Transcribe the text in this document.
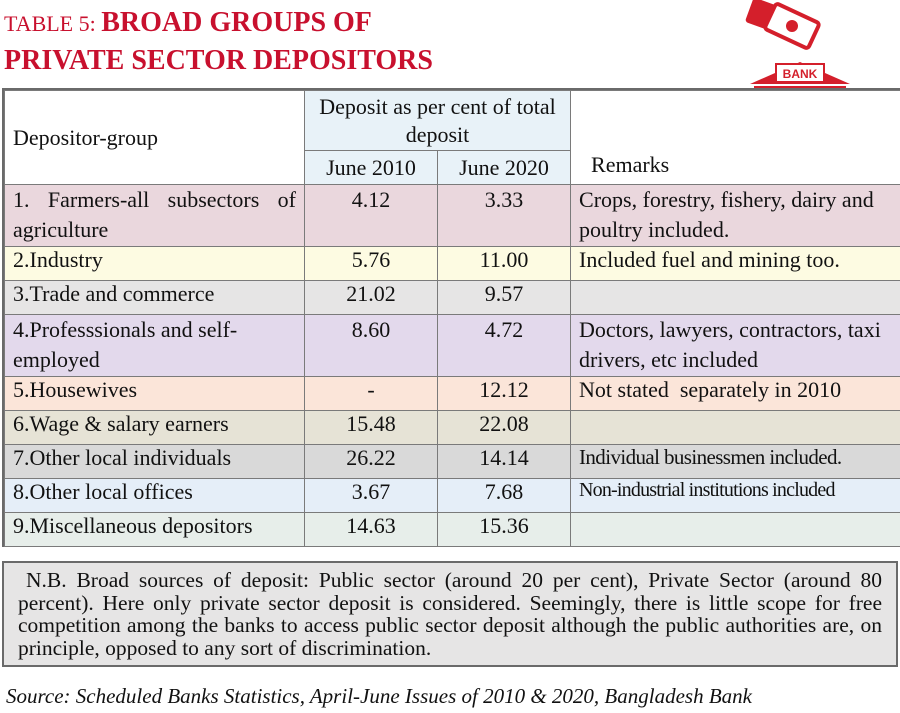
TABLE 5: BROAD GROUPS OF
PRIVATE SECTOR DEPOSITORS	BANK
Depositor-group	Deposit as per cent of total deposit		Remarks
	June 2010	June 2020	
1. Farmers-all subsectors of agriculture	4.12	3.33	Crops, forestry, fishery, dairy and poultry included.
2.Industry	5.76	11.00	Included fuel and mining too.
3.Trade and commerce	21.02	9.57	
4.Professsionals and self-employed	8.60	4.72	Doctors, lawyers, contractors, taxi drivers, etc included
5.Housewives	-	12.12	Not stated  separately in 2010
6.Wage & salary earners	15.48	22.08	
7.Other local individuals	26.22	14.14	Individual businessmen included.
8.Other local offices	3.67	7.68	Non-industrial institutions included
9.Miscellaneous depositors	14.63	15.36	
N.B. Broad sources of deposit: Public sector (around 20 per cent), Private Sector (around 80 percent). Here only private sector deposit is considered. Seemingly, there is little scope for free competition among the banks to access public sector deposit although the public authorities are, on principle, opposed to any sort of discrimination.
Source: Scheduled Banks Statistics, April-June Issues of 2010 & 2020, Bangladesh Bank
